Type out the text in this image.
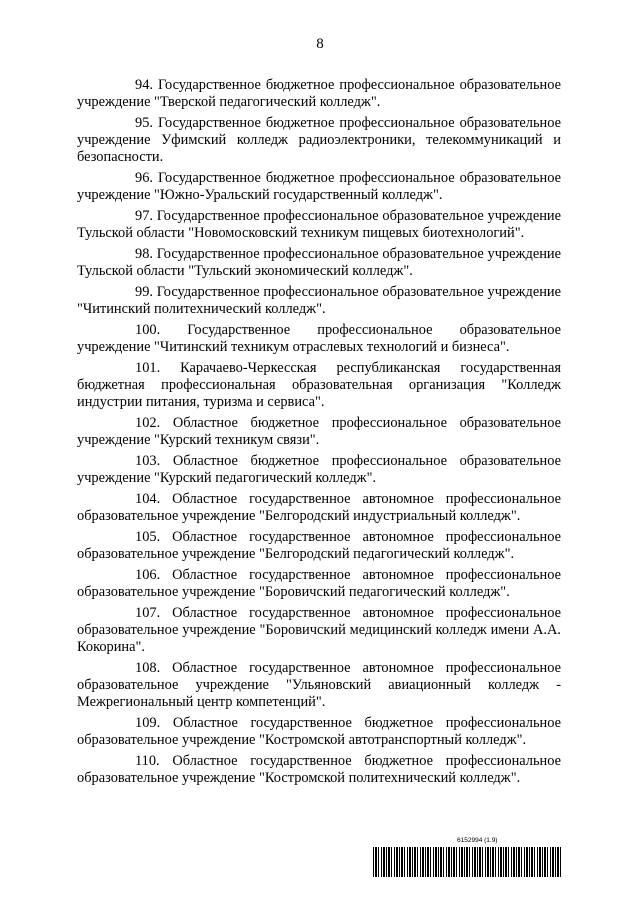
8

94. Государственное бюджетное профессиональное образовательное учреждение "Тверской педагогический колледж".

95. Государственное бюджетное профессиональное образовательное учреждение Уфимский колледж радиоэлектроники, телекоммуникаций и безопасности.

96. Государственное бюджетное профессиональное образовательное учреждение "Южно-Уральский государственный колледж".

97. Государственное профессиональное образовательное учреждение Тульской области "Новомосковский техникум пищевых биотехнологий".

98. Государственное профессиональное образовательное учреждение Тульской области "Тульский экономический колледж".

99. Государственное профессиональное образовательное учреждение "Читинский политехнический колледж".

100. Государственное профессиональное образовательное учреждение "Читинский техникум отраслевых технологий и бизнеса".

101. Карачаево-Черкесская республиканская государственная бюджетная профессиональная образовательная организация "Колледж индустрии питания, туризма и сервиса".

102. Областное бюджетное профессиональное образовательное учреждение "Курский техникум связи".

103. Областное бюджетное профессиональное образовательное учреждение "Курский педагогический колледж".

104. Областное государственное автономное профессиональное образовательное учреждение "Белгородский индустриальный колледж".

105. Областное государственное автономное профессиональное образовательное учреждение "Белгородский педагогический колледж".

106. Областное государственное автономное профессиональное образовательное учреждение "Боровичский педагогический колледж".

107. Областное государственное автономное профессиональное образовательное учреждение "Боровичский медицинский колледж имени А.А. Кокорина".

108. Областное государственное автономное профессиональное образовательное учреждение "Ульяновский авиационный колледж - Межрегиональный центр компетенций".

109. Областное государственное бюджетное профессиональное образовательное учреждение "Костромской автотранспортный колледж".

110. Областное государственное бюджетное профессиональное образовательное учреждение "Костромской политехнический колледж".

6152994 (1.9)
